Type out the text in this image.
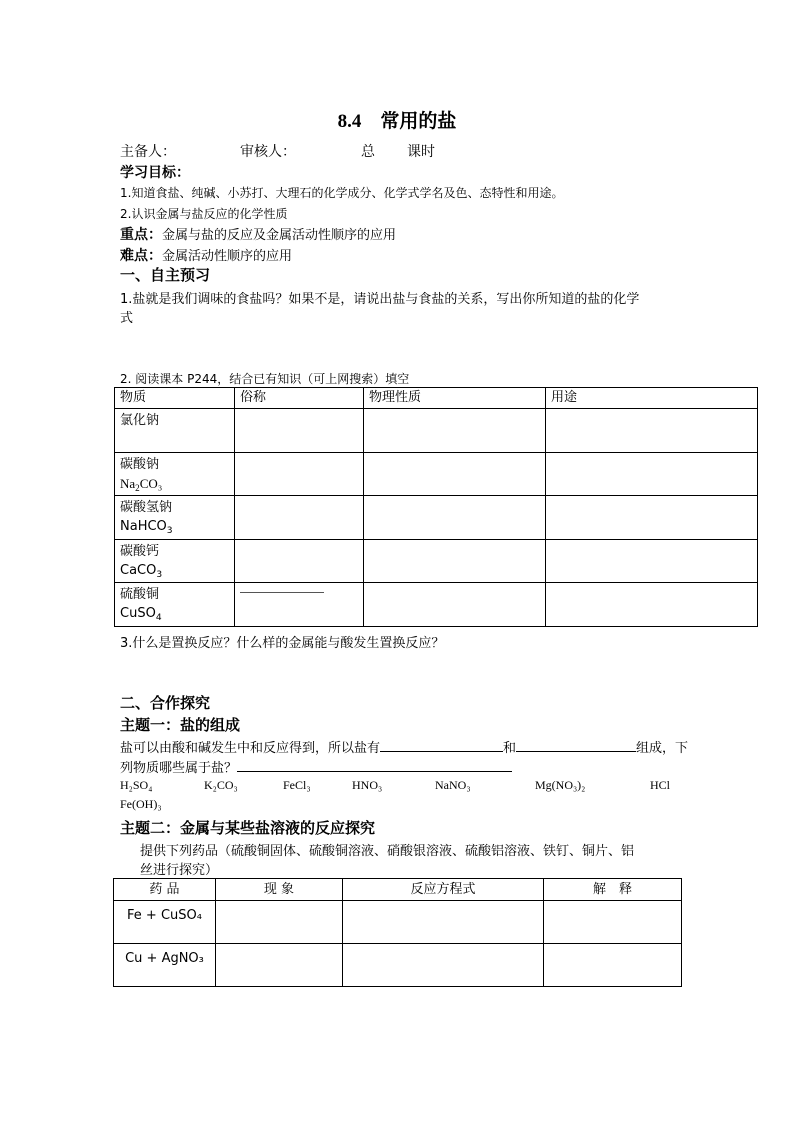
8.4　常用的盐
主备人：	审核人：	总 课时
学习目标：
1.知道食盐、纯碱、小苏打、大理石的化学成分、化学式学名及色、态特性和用途。
2.认识金属与盐反应的化学性质
重点：金属与盐的反应及金属活动性顺序的应用
难点：金属活动性顺序的应用
一、自主预习
1.盐就是我们调味的食盐吗？如果不是，请说出盐与食盐的关系，写出你所知道的盐的化学
式
2. 阅读课本 P244，结合已有知识（可上网搜索）填空
物质	俗称	物理性质	用途
氯化钠			

碳酸钠
$Na_2CO_3$			

碳酸氢钠
NaHCO$_3$

碳酸钙
CaCO$_3$

硫酸铜
CuSO$_4$

3.什么是置换反应？什么样的金属能与酸发生置换反应？
二、合作探究
主题一：盐的组成
盐可以由酸和碱发生中和反应得到，所以盐有	和	组成，下
列物质哪些属于盐？
H₂SO₄	K₂CO₃	FeCl₃	HNO₃	NaNO₃	Mg(NO₃)₂	HCl
Fe(OH)₃
主题二：金属与某些盐溶液的反应探究
提供下列药品（硫酸铜固体、硫酸铜溶液、硝酸银溶液、硫酸铝溶液、铁钉、铜片、铝
丝进行探究）
药 品	现 象	反应方程式	解　释
Fe + CuSO₄			
Cu + AgNO₃			
